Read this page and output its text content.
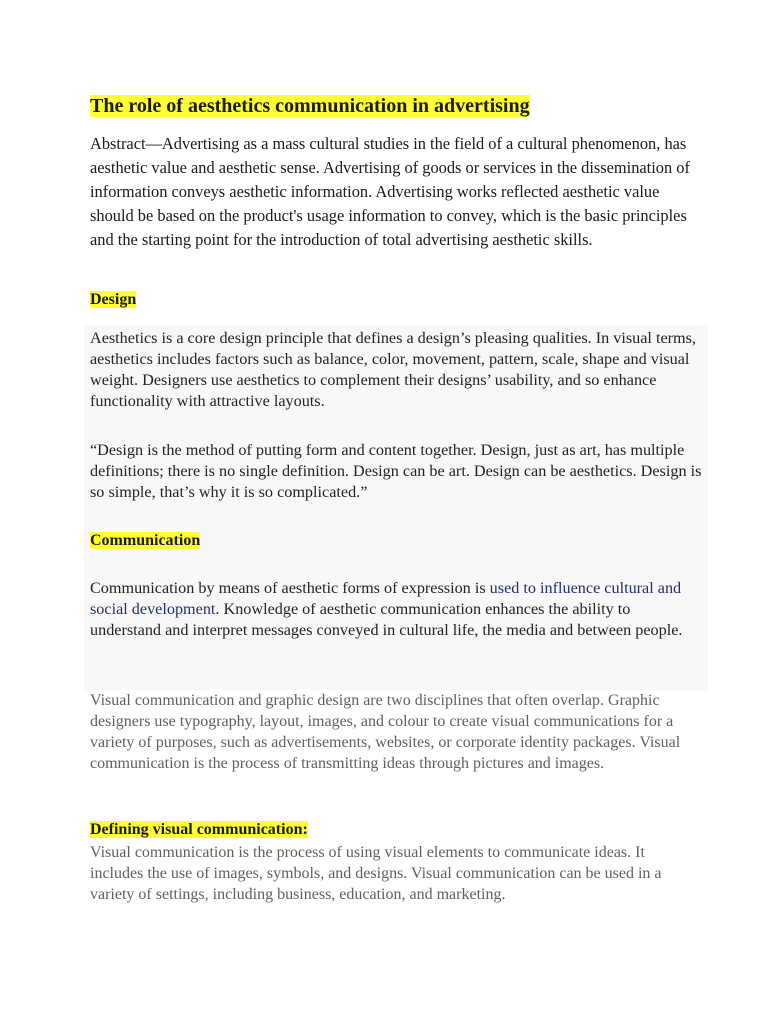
The role of aesthetics communication in advertising

Abstract—Advertising as a mass cultural studies in the field of a cultural phenomenon, has aesthetic value and aesthetic sense. Advertising of goods or services in the dissemination of information conveys aesthetic information. Advertising works reflected aesthetic value should be based on the product's usage information to convey, which is the basic principles and the starting point for the introduction of total advertising aesthetic skills.

Design

Aesthetics is a core design principle that defines a design’s pleasing qualities. In visual terms, aesthetics includes factors such as balance, color, movement, pattern, scale, shape and visual weight. Designers use aesthetics to complement their designs’ usability, and so enhance functionality with attractive layouts.

“Design is the method of putting form and content together. Design, just as art, has multiple definitions; there is no single definition. Design can be art. Design can be aesthetics. Design is so simple, that’s why it is so complicated.”

Communication

Communication by means of aesthetic forms of expression is used to influence cultural and social development. Knowledge of aesthetic communication enhances the ability to understand and interpret messages conveyed in cultural life, the media and between people.

Visual communication and graphic design are two disciplines that often overlap. Graphic designers use typography, layout, images, and colour to create visual communications for a variety of purposes, such as advertisements, websites, or corporate identity packages. Visual communication is the process of transmitting ideas through pictures and images.

Defining visual communication:

Visual communication is the process of using visual elements to communicate ideas. It includes the use of images, symbols, and designs. Visual communication can be used in a variety of settings, including business, education, and marketing.
